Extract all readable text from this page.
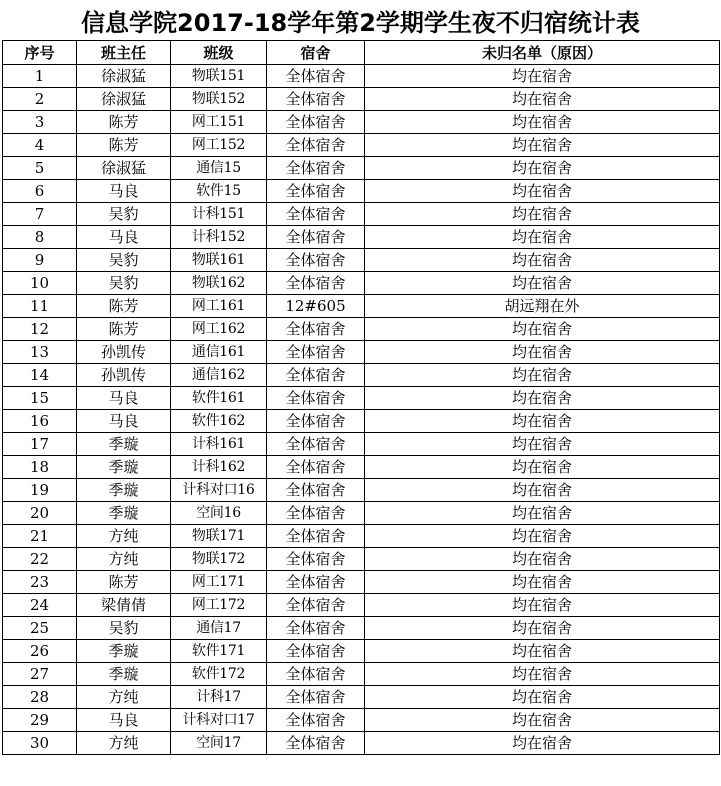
信息学院2017-18学年第2学期学生夜不归宿统计表
序号	班主任	班级	宿舍	未归名单（原因）
1	徐淑猛	物联151	全体宿舍	均在宿舍
2	徐淑猛	物联152	全体宿舍	均在宿舍
3	陈芳	网工151	全体宿舍	均在宿舍
4	陈芳	网工152	全体宿舍	均在宿舍
5	徐淑猛	通信15	全体宿舍	均在宿舍
6	马良	软件15	全体宿舍	均在宿舍
7	吴豹	计科151	全体宿舍	均在宿舍
8	马良	计科152	全体宿舍	均在宿舍
9	吴豹	物联161	全体宿舍	均在宿舍
10	吴豹	物联162	全体宿舍	均在宿舍
11	陈芳	网工161	12#605	胡远翔在外
12	陈芳	网工162	全体宿舍	均在宿舍
13	孙凯传	通信161	全体宿舍	均在宿舍
14	孙凯传	通信162	全体宿舍	均在宿舍
15	马良	软件161	全体宿舍	均在宿舍
16	马良	软件162	全体宿舍	均在宿舍
17	季璇	计科161	全体宿舍	均在宿舍
18	季璇	计科162	全体宿舍	均在宿舍
19	季璇	计科对口16	全体宿舍	均在宿舍
20	季璇	空间16	全体宿舍	均在宿舍
21	方纯	物联171	全体宿舍	均在宿舍
22	方纯	物联172	全体宿舍	均在宿舍
23	陈芳	网工171	全体宿舍	均在宿舍
24	梁倩倩	网工172	全体宿舍	均在宿舍
25	吴豹	通信17	全体宿舍	均在宿舍
26	季璇	软件171	全体宿舍	均在宿舍
27	季璇	软件172	全体宿舍	均在宿舍
28	方纯	计科17	全体宿舍	均在宿舍
29	马良	计科对口17	全体宿舍	均在宿舍
30	方纯	空间17	全体宿舍	均在宿舍
